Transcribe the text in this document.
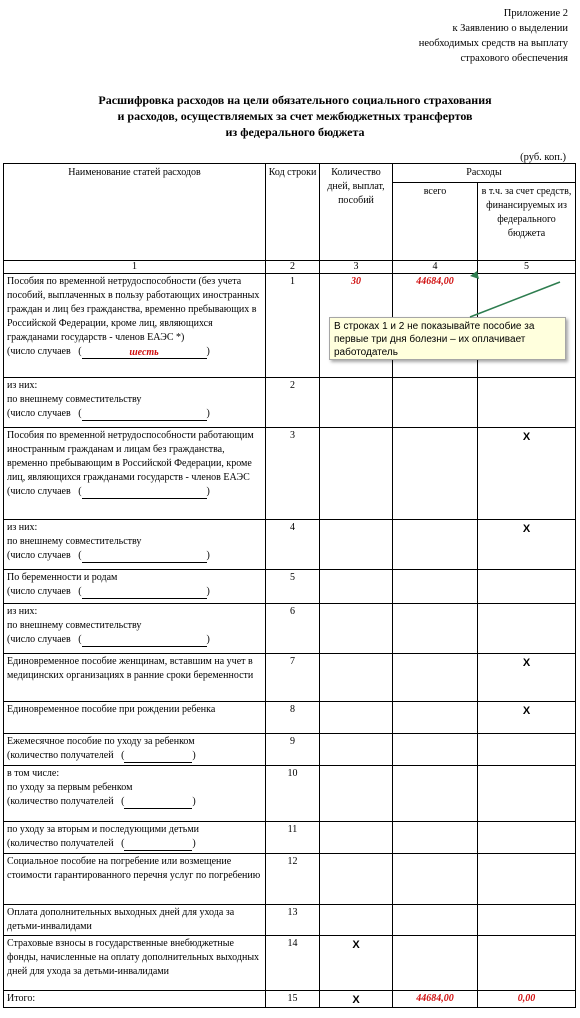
Приложение 2
к Заявлению о выделении
необходимых средств на выплату
страхового обеспечения
Расшифровка расходов на цели обязательного социального страхования
и расходов, осуществляемых за счет межбюджетных трансфертов
из федерального бюджета
(руб. коп.)
Наименование статей расходов	Код строки	Количество дней, выплат, пособий	Расходы	
			всего	в т.ч. за счет средств, финансируемых из федерального бюджета
1	2	3	4	5

Пособия по временной нетрудоспособности (без учета пособий, выплаченных в пользу работающих иностранных граждан и лиц без гражданства, временно пребывающих в Российской Федерации, кроме лиц, являющихся гражданами государств - членов ЕАЭС *)
(число случаев   ( шесть )	1	30	44684,00	

из них:
по внешнему совместительству
(число случаев   ( )	2			

Пособия по временной нетрудоспособности работающим иностранным гражданам и лицам без гражданства, временно пребывающим в Российской Федерации, кроме лиц, являющихся гражданами государств - членов ЕАЭС
(число случаев   ( )	3			X

из них:
по внешнему совместительству
(число случаев   ( )	4			X

По беременности и родам
(число случаев   ( )	5			

из них:
по внешнему совместительству
(число случаев   ( )	6			

Единовременное пособие женщинам, вставшим на учет в медицинских организациях в ранние сроки беременности	7			X

Единовременное пособие при рождении ребенка	8			X

Ежемесячное пособие по уходу за ребенком
(количество получателей   ( )	9			

в том числе:
по уходу за первым ребенком
(количество получателей   ( )	10			

по уходу за вторым и последующими детьми
(количество получателей   ( )	11			

Социальное пособие на погребение или возмещение стоимости гарантированного перечня услуг по погребению	12			

Оплата дополнительных выходных дней для ухода за детьми-инвалидами	13			

Страховые взносы в государственные внебюджетные фонды, начисленные на оплату дополнительных выходных дней для ухода за детьми-инвалидами	14	X		

Итого:	15	X	44684,00	0,00
В строках 1 и 2 не показывайте пособие за первые три дня болезни – их оплачивает работодатель
